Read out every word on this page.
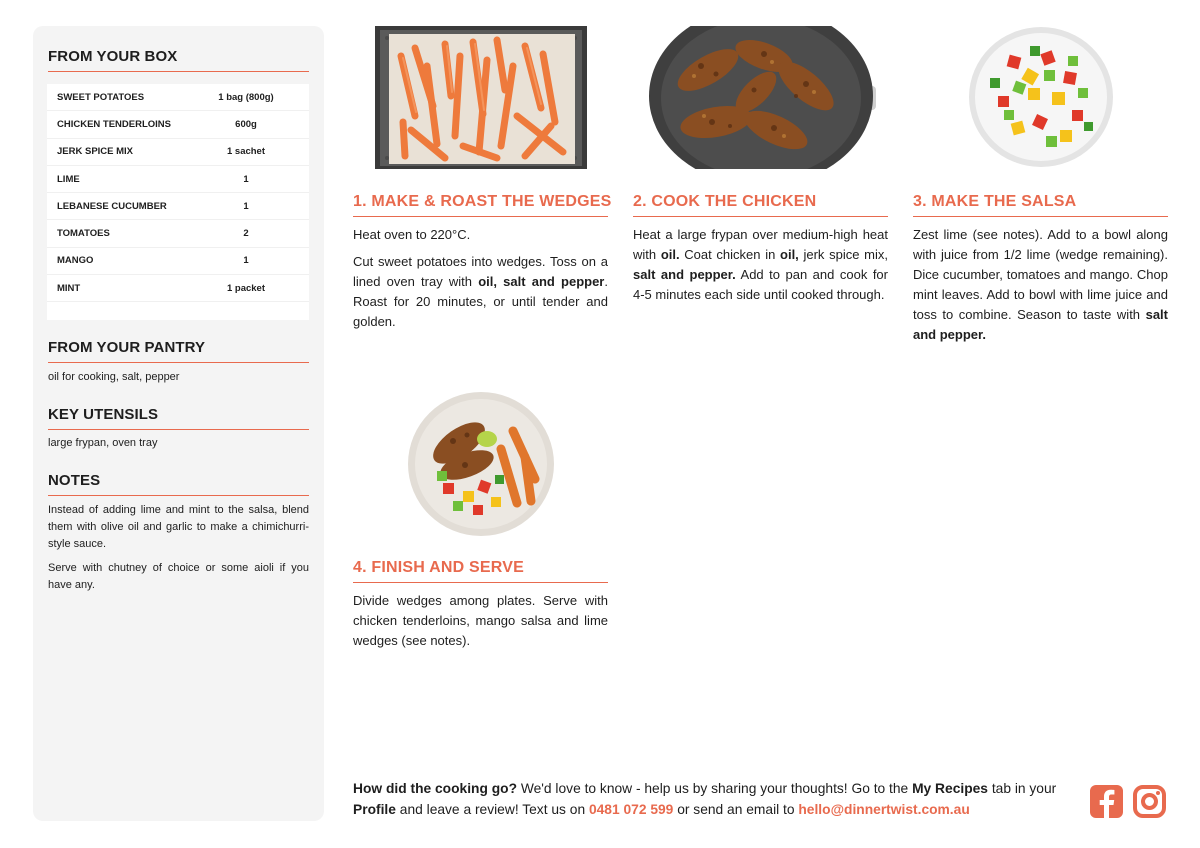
FROM YOUR BOX
SWEET POTATOES	1 bag (800g)
CHICKEN TENDERLOINS	600g
JERK SPICE MIX	1 sachet
LIME	1
LEBANESE CUCUMBER	1
TOMATOES	2
MANGO	1
MINT	1 packet
FROM YOUR PANTRY
oil for cooking, salt, pepper
KEY UTENSILS
large frypan, oven tray
NOTES

Instead of adding lime and mint to the salsa, blend them with olive oil and garlic to make a chimichurri-style sauce.

Serve with chutney of choice or some aioli if you have any.

1. MAKE & ROAST THE WEDGES

Heat oven to 220°C.

Cut sweet potatoes into wedges. Toss on a lined oven tray with oil, salt and pepper. Roast for 20 minutes, or until tender and golden.

2. COOK THE CHICKEN

Heat a large frypan over medium-high heat with oil. Coat chicken in oil, jerk spice mix, salt and pepper. Add to pan and cook for 4-5 minutes each side until cooked through.

3. MAKE THE SALSA

Zest lime (see notes). Add to a bowl along with juice from 1/2 lime (wedge remaining). Dice cucumber, tomatoes and mango. Chop mint leaves. Add to bowl with lime juice and toss to combine. Season to taste with salt and pepper.

4. FINISH AND SERVE

Divide wedges among plates. Serve with chicken tenderloins, mango salsa and lime wedges (see notes).

How did the cooking go? We'd love to know - help us by sharing your thoughts! Go to the My Recipes tab in your Profile and leave a review! Text us on 0481 072 599 or send an email to hello@dinnertwist.com.au
